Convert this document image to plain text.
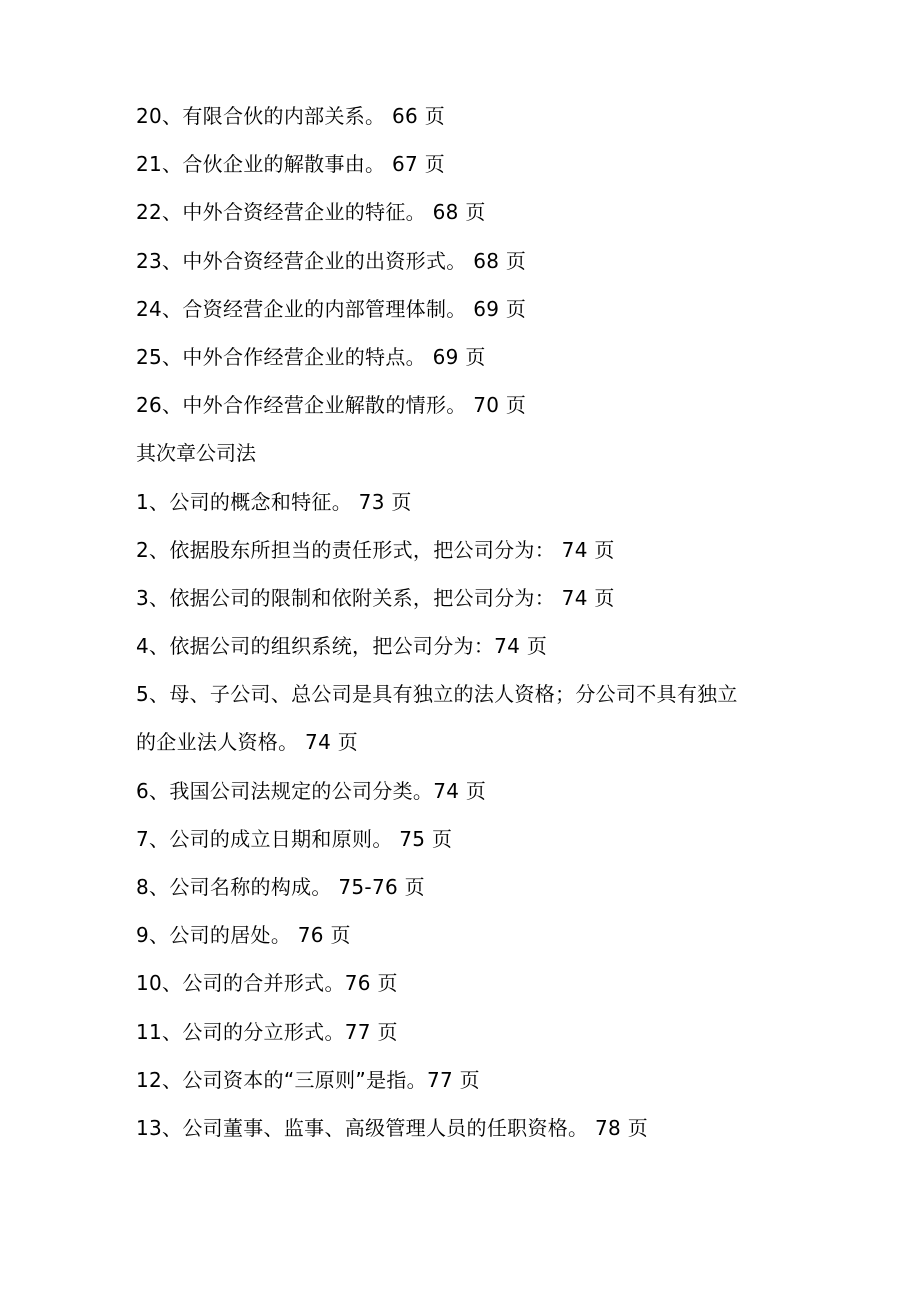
20、有限合伙的内部关系。 66 页
21、合伙企业的解散事由。 67 页
22、中外合资经营企业的特征。 68 页
23、中外合资经营企业的出资形式。 68 页
24、合资经营企业的内部管理体制。 69 页
25、中外合作经营企业的特点。 69 页
26、中外合作经营企业解散的情形。 70 页
其次章公司法
1、公司的概念和特征。 73 页
2、依据股东所担当的责任形式，把公司分为： 74 页
3、依据公司的限制和依附关系，把公司分为： 74 页
4、依据公司的组织系统，把公司分为：74 页
5、母、子公司、总公司是具有独立的法人资格；分公司不具有独立
的企业法人资格。 74 页
6、我国公司法规定的公司分类。74 页
7、公司的成立日期和原则。 75 页
8、公司名称的构成。 75-76 页
9、公司的居处。 76 页
10、公司的合并形式。76 页
11、公司的分立形式。77 页
12、公司资本的“三原则”是指。77 页
13、公司董事、监事、高级管理人员的任职资格。 78 页
